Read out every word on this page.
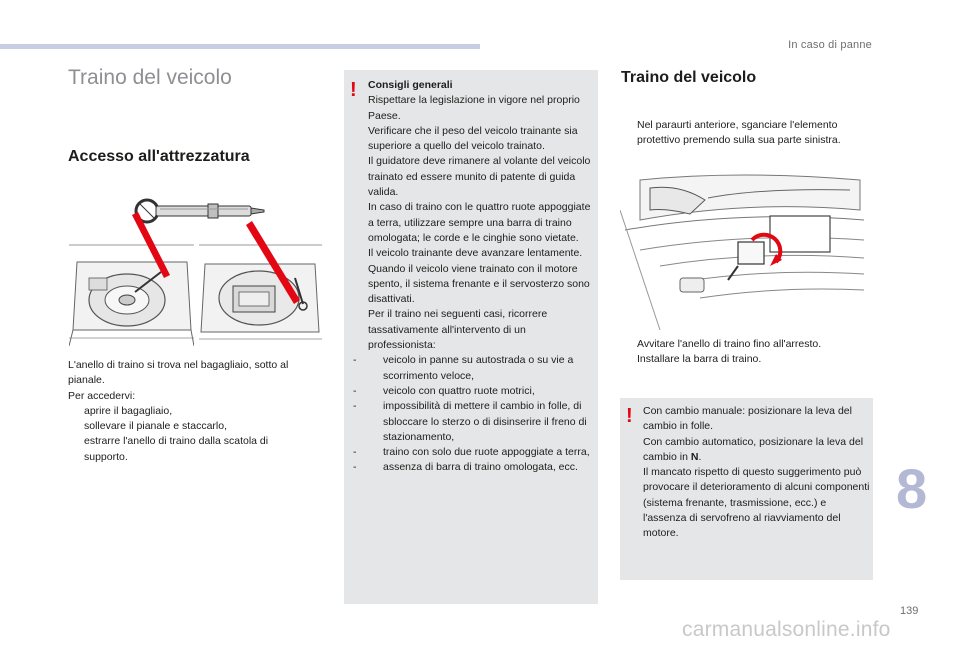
In caso di panne
Traino del veicolo
Accesso all'attrezzatura

L'anello di traino si trova nel bagagliaio, sotto al pianale.

Per accedervi:

aprire il bagagliaio,

sollevare il pianale e staccarlo,

estrarre l'anello di traino dalla scatola di supporto.

! Consigli generali

Rispettare la legislazione in vigore nel proprio Paese.

Verificare che il peso del veicolo trainante sia superiore a quello del veicolo trainato.

Il guidatore deve rimanere al volante del veicolo trainato ed essere munito di patente di guida valida.

In caso di traino con le quattro ruote appoggiate a terra, utilizzare sempre una barra di traino omologata; le corde e le cinghie sono vietate.

Il veicolo trainante deve avanzare lentamente.

Quando il veicolo viene trainato con il motore spento, il sistema frenante e il servosterzo sono disattivati.

Per il traino nei seguenti casi, ricorrere tassativamente all'intervento di un professionista:

-	veicolo in panne su autostrada o su vie a scorrimento veloce,

-	veicolo con quattro ruote motrici,

-	impossibilità di mettere il cambio in folle, di sbloccare lo sterzo o di disinserire il freno di stazionamento,

-	traino con solo due ruote appoggiate a terra,

-	assenza di barra di traino omologata, ecc.

Traino del veicolo

Nel paraurti anteriore, sganciare l'elemento protettivo premendo sulla sua parte sinistra.

Avvitare l'anello di traino fino all'arresto.

Installare la barra di traino.

! Con cambio manuale: posizionare la leva del cambio in folle.

Con cambio automatico, posizionare la leva del cambio in N.

Il mancato rispetto di questo suggerimento può provocare il deterioramento di alcuni componenti (sistema frenante, trasmissione, ecc.) e l'assenza di servofreno al riavviamento del motore.

8
139
carmanualsonline.info
